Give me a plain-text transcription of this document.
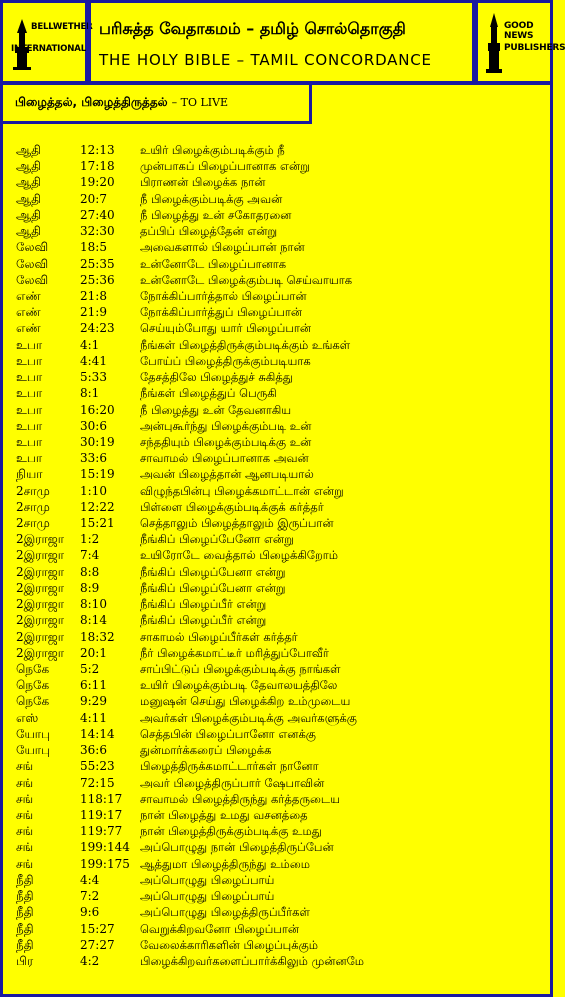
BELLWETHER
INTERNATIONAL
பரிசுத்த வேதாகமம் – தமிழ் சொல்தொகுதி
THE HOLY BIBLE – TAMIL CONCORDANCE
GOOD NEWS
PUBLISHERS
பிழைத்தல், பிழைத்திருத்தல் – TO LIVE
ஆதி	12:13 உயிர் பிழைக்கும்படிக்கும் நீ
ஆதி	17:18 முன்பாகப் பிழைப்பானாக என்று
ஆதி	19:20 பிராணன் பிழைக்க நான்
ஆதி	20:7	நீ பிழைக்கும்படிக்கு அவன்
ஆதி	27:40 நீ பிழைத்து உன் சகோதரனை
ஆதி	32:30 தப்பிப் பிழைத்தேன் என்று
லேவி	18:5	அவைகளால் பிழைப்பான் நான்
லேவி	25:35 உன்னோடே பிழைப்பானாக
லேவி	25:36 உன்னோடே பிழைக்கும்படி செய்வாயாக
எண்	21:8	நோக்கிப்பார்த்தால் பிழைப்பான்
எண்	21:9	நோக்கிப்பார்த்துப் பிழைப்பான்
எண்	24:23 செய்யும்போது யார் பிழைப்பான்
உபா	4:1	நீங்கள் பிழைத்திருக்கும்படிக்கும் உங்கள்
உபா	4:41	போய்ப் பிழைத்திருக்கும்படியாக
உபா	5:33	தேசத்திலே பிழைத்துச் சுகித்து
உபா	8:1	நீங்கள் பிழைத்துப் பெருகி
உபா	16:20 நீ பிழைத்து உன் தேவனாகிய
உபா	30:6	அன்புகூர்ந்து பிழைக்கும்படி உன்
உபா	30:19 சந்ததியும் பிழைக்கும்படிக்கு உன்
உபா	33:6	சாவாமல் பிழைப்பானாக அவன்
நியா	15:19 அவன் பிழைத்தான் ஆனபடியால்
2சாமு	1:10	விழுந்தபின்பு பிழைக்கமாட்டான் என்று
2சாமு	12:22 பிள்ளை பிழைக்கும்படிக்குக் கர்த்தர்
2சாமு	15:21 செத்தாலும் பிழைத்தாலும் இருப்பான்
2இராஜா 1:2	நீங்கிப் பிழைப்பேனோ என்று
2இராஜா 7:4	உயிரோடே வைத்தால் பிழைக்கிறோம்
2இராஜா 8:8	நீங்கிப் பிழைப்பேனா என்று
2இராஜா 8:9	நீங்கிப் பிழைப்பேனா என்று
2இராஜா 8:10	நீங்கிப் பிழைப்பீர் என்று
2இராஜா 8:14	நீங்கிப் பிழைப்பீர் என்று
2இராஜா 18:32 சாகாமல் பிழைப்பீர்கள் கர்த்தர்
2இராஜா 20:1	நீர் பிழைக்கமாட்டீர் மரித்துப்போவீர்
நெகே	5:2	சாப்பிட்டுப் பிழைக்கும்படிக்கு நாங்கள்
நெகே	6:11	உயிர் பிழைக்கும்படி தேவாலயத்திலே
நெகே	9:29	மனுஷன் செய்து பிழைக்கிற உம்முடைய
எஸ்	4:11	அவர்கள் பிழைக்கும்படிக்கு அவர்களுக்கு
யோபு 14:14 செத்தபின் பிழைப்பானோ எனக்கு
யோபு 36:6	துன்மார்க்கரைப் பிழைக்க
சங்	55:23 பிழைத்திருக்கமாட்டார்கள் நானோ
சங்	72:15 அவர் பிழைத்திருப்பார் ஷேபாவின்
சங்	118:17 சாவாமல் பிழைத்திருந்து கர்த்தருடைய
சங்	119:17 நான் பிழைத்து உமது வசனத்தை
சங்	119:77 நான் பிழைத்திருக்கும்படிக்கு உமது
சங்	199:144 அப்பொழுது நான் பிழைத்திருப்பேன்
சங்	199:175 ஆத்துமா பிழைத்திருந்து உம்மை
நீதி	4:4	அப்பொழுது பிழைப்பாய்
நீதி	7:2	அப்பொழுது பிழைப்பாய்
நீதி	9:6	அப்பொழுது பிழைத்திருப்பீர்கள்
நீதி	15:27 வெறுக்கிறவனோ பிழைப்பான்
நீதி	27:27 வேலைக்காரிகளின் பிழைப்புக்கும்
பிர	4:2	பிழைக்கிறவர்களைப்பார்க்கிலும் முன்னமே
